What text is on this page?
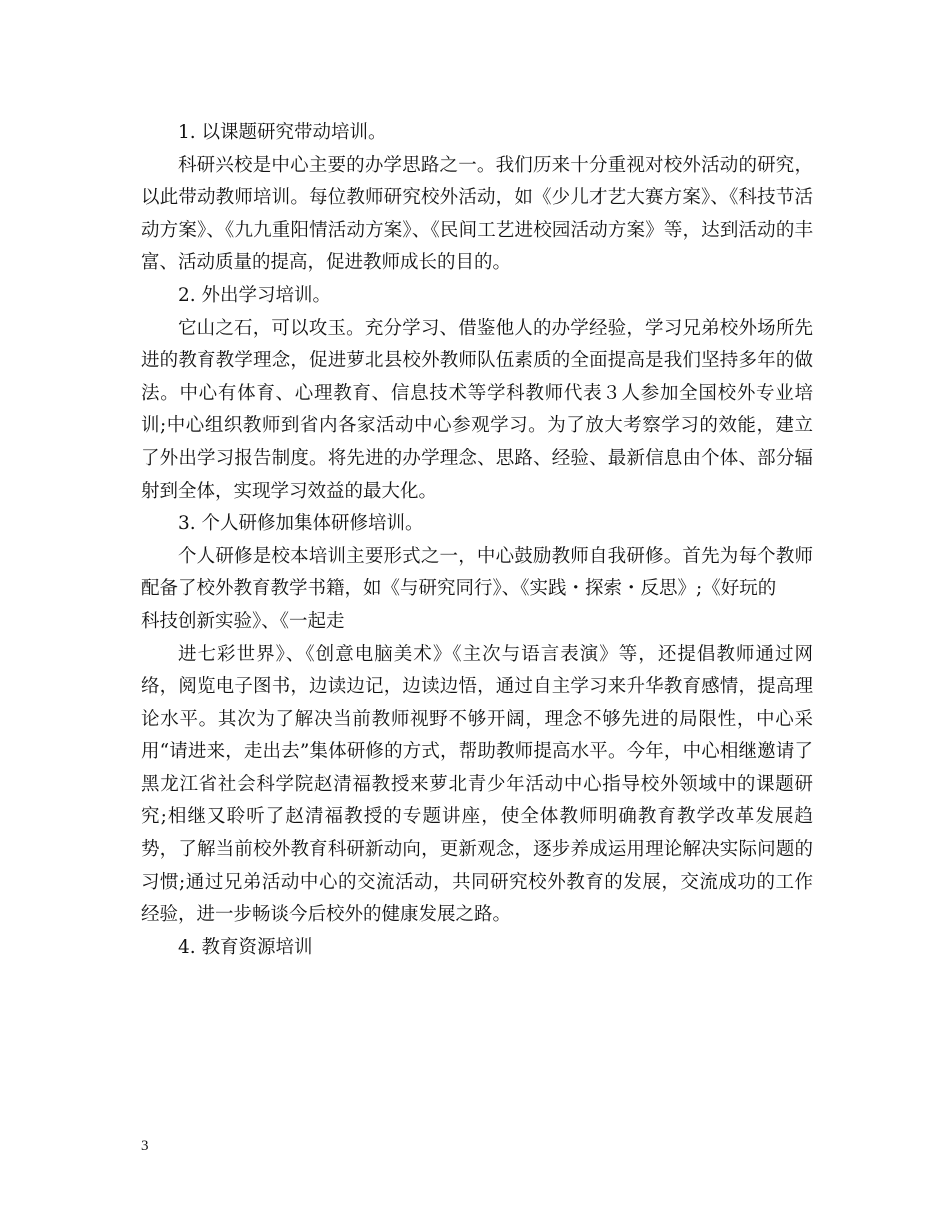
1. 以课题研究带动培训。

科研兴校是中心主要的办学思路之一。我们历来十分重视对校外活动的研究，以此带动教师培训。每位教师研究校外活动，如《少儿才艺大赛方案》、《科技节活动方案》、《九九重阳情活动方案》、《民间工艺进校园活动方案》等，达到活动的丰富、活动质量的提高，促进教师成长的目的。

2. 外出学习培训。

它山之石，可以攻玉。充分学习、借鉴他人的办学经验，学习兄弟校外场所先进的教育教学理念，促进萝北县校外教师队伍素质的全面提高是我们坚持多年的做法。中心有体育、心理教育、信息技术等学科教师代表３人参加全国校外专业培训;中心组织教师到省内各家活动中心参观学习。为了放大考察学习的效能，建立了外出学习报告制度。将先进的办学理念、思路、经验、最新信息由个体、部分辐射到全体，实现学习效益的最大化。

3. 个人研修加集体研修培训。

个人研修是校本培训主要形式之一，中心鼓励教师自我研修。首先为每个教师配备了校外教育教学书籍，如《与研究同行》、《实践・探索・反思》;《好玩的

科技创新实验》、《一起走

进七彩世界》、《创意电脑美术》《主次与语言表演》等，还提倡教师通过网络，阅览电子图书，边读边记，边读边悟，通过自主学习来升华教育感情，提高理论水平。其次为了解决当前教师视野不够开阔，理念不够先进的局限性，中心采用“请进来，走出去”集体研修的方式，帮助教师提高水平。今年，中心相继邀请了黑龙江省社会科学院赵清福教授来萝北青少年活动中心指导校外领域中的课题研究;相继又聆听了赵清福教授的专题讲座，使全体教师明确教育教学改革发展趋势，了解当前校外教育科研新动向，更新观念，逐步养成运用理论解决实际问题的习惯;通过兄弟活动中心的交流活动，共同研究校外教育的发展，交流成功的工作经验，进一步畅谈今后校外的健康发展之路。

4. 教育资源培训

3
